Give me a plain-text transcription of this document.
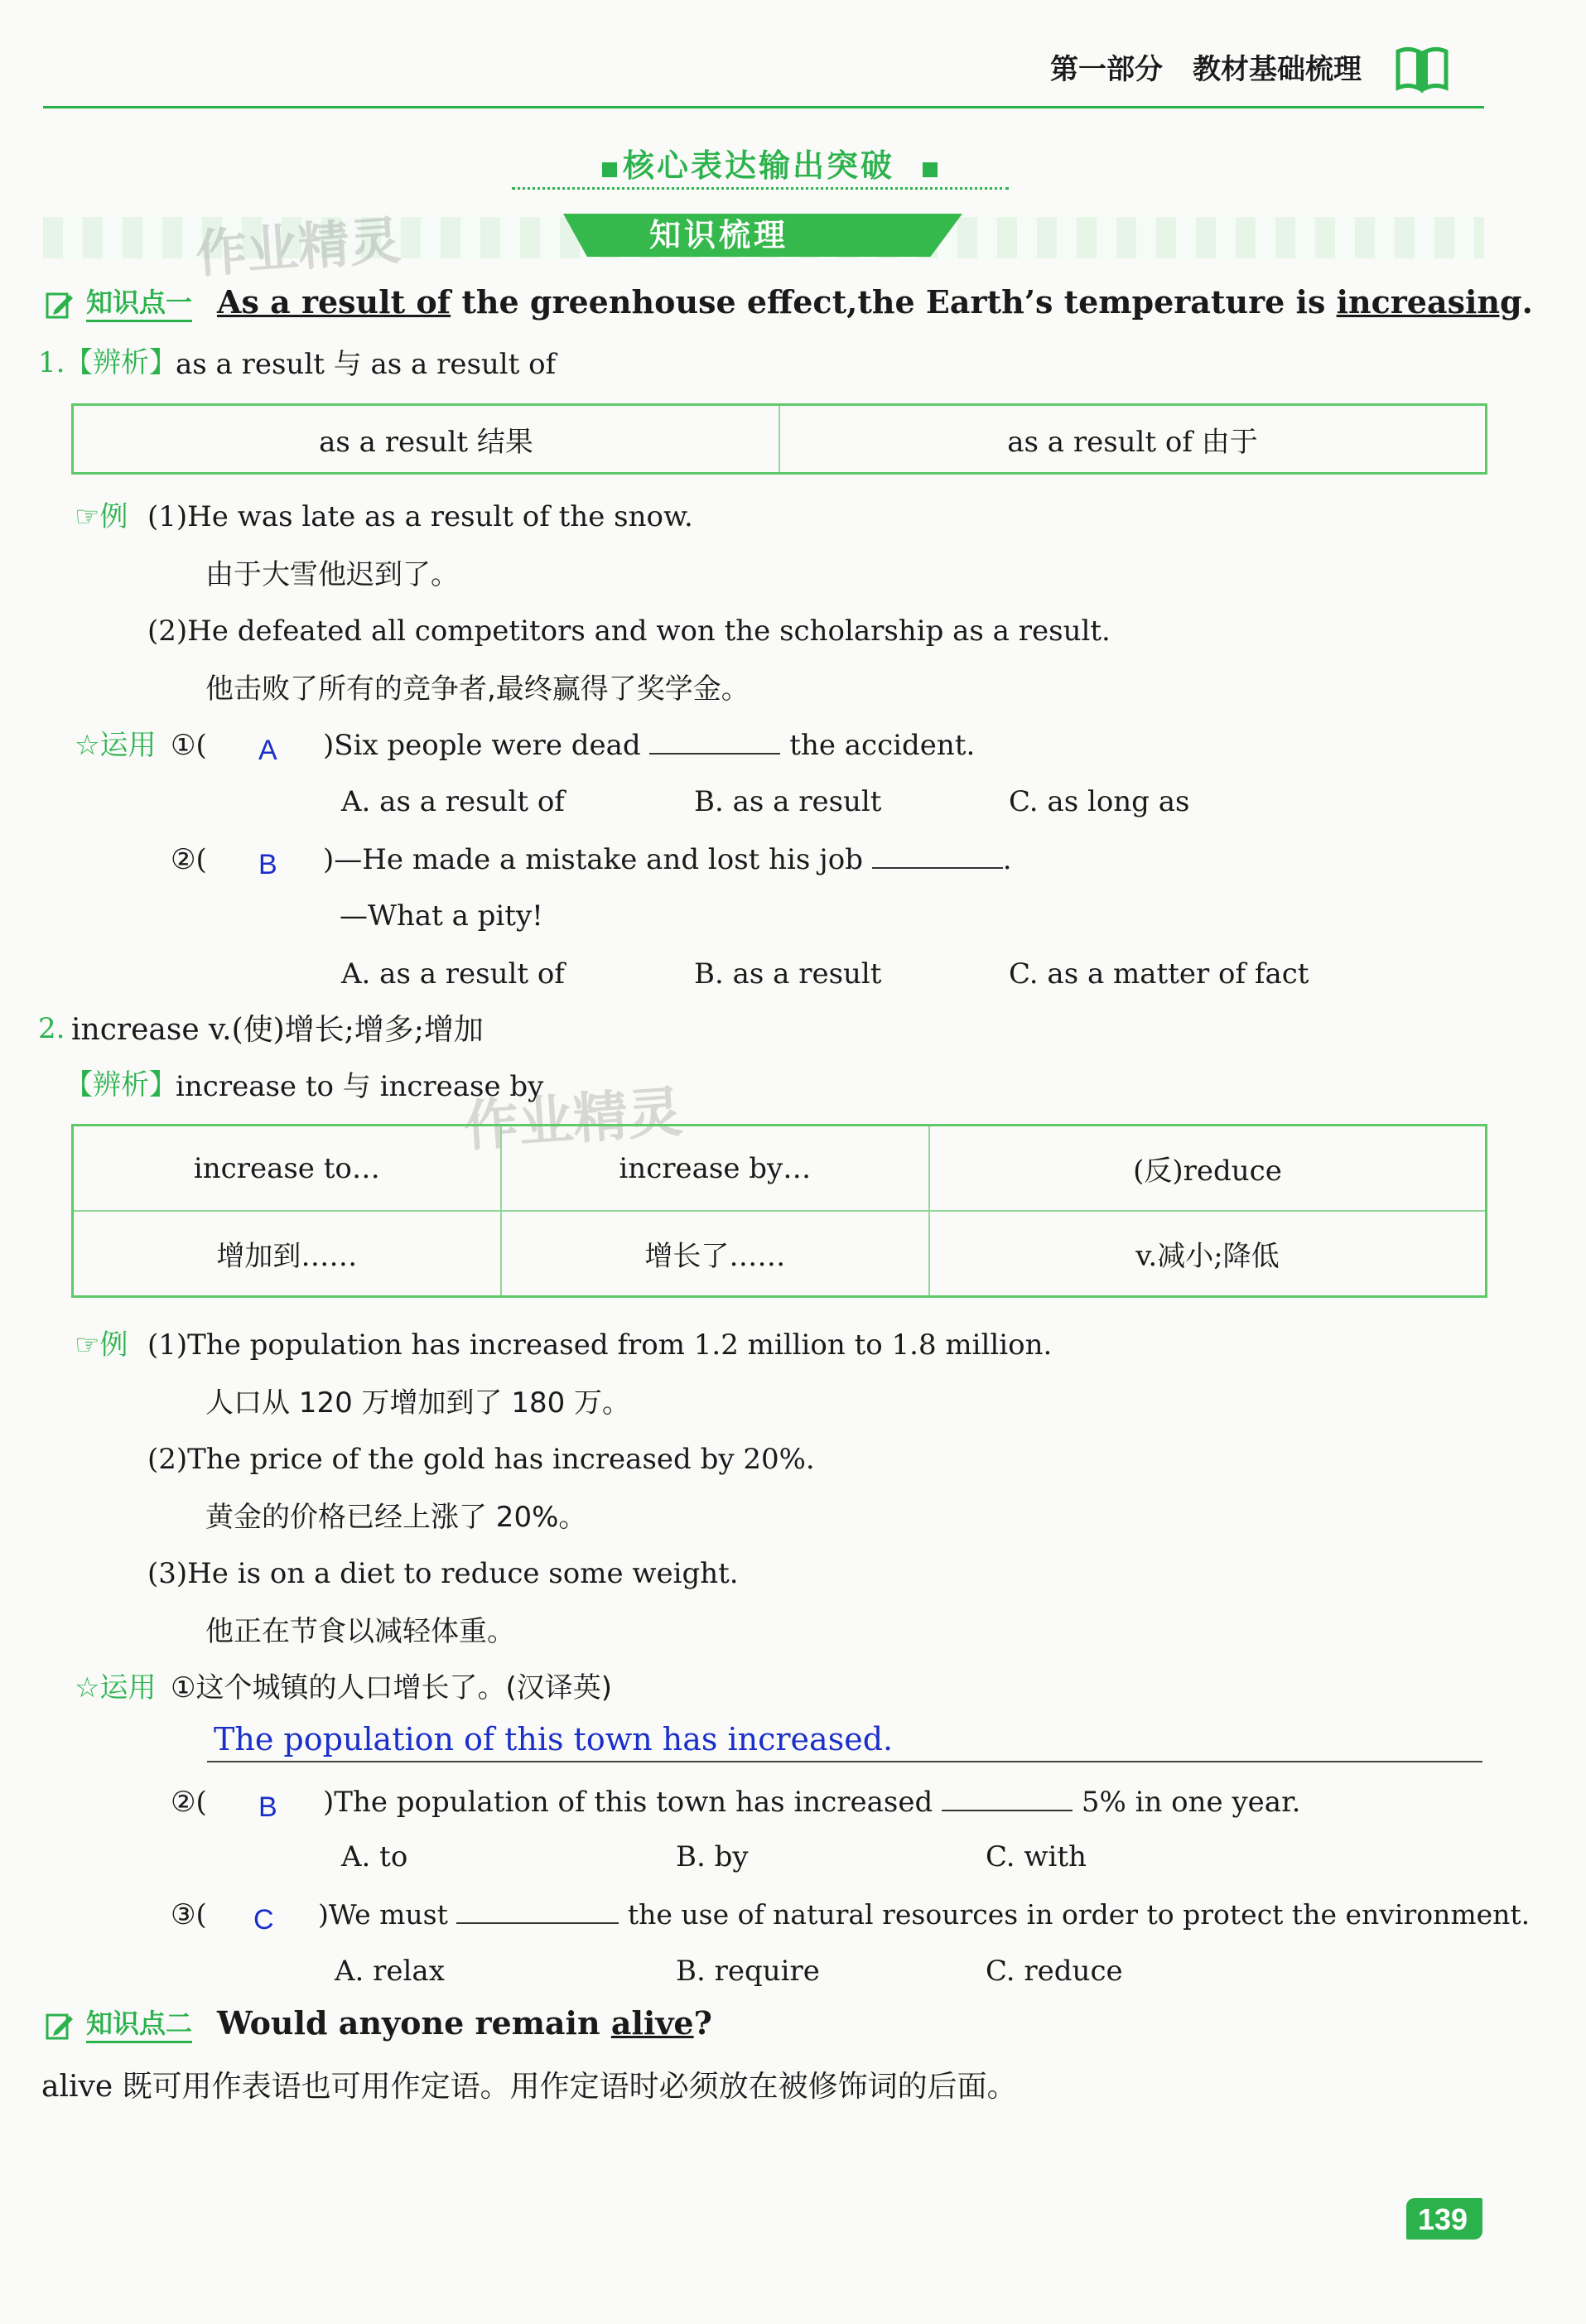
第一部分 教材基础梳理
核心表达输出突破
知识梳理
作业精灵
作业精灵
知识点一 As a result of the greenhouse effect,the Earth’s temperature is increasing.
1. 【辨析】
as a result 与 as a result of
as a result 结果	as a result of 由于
☞例 (1)He was late as a result of the snow.
由于大雪他迟到了。
(2)He defeated all competitors and won the scholarship as a result.
他击败了所有的竞争者,最终赢得了奖学金。
☆运用 ①( A )Six people were dead	the accident.
A. as a result of	B. as a result	C. as long as
②( B )—He made a mistake and lost his job	.
—What a pity!
A. as a result of	B. as a result	C. as a matter of fact
2. increase v.(使)增长;增多;增加
【辨析】
increase to 与 increase by
increase to…	increase by…	(反)reduce
增加到……	增长了……	v.减小;降低
☞例 (1)The population has increased from 1.2 million to 1.8 million.
人口从 120 万增加到了 180 万。
(2)The price of the gold has increased by 20%.
黄金的价格已经上涨了 20%。
(3)He is on a diet to reduce some weight.
他正在节食以减轻体重。
☆运用 ①这个城镇的人口增长了。(汉译英)
The population of this town has increased.
②( B )The population of this town has increased	5% in one year.
A. to	B. by	C. with
③( C )We must	the use of natural resources in order to protect the environment.
A. relax	B. require	C. reduce
知识点二 Would anyone remain alive?
alive 既可用作表语也可用作定语。用作定语时必须放在被修饰词的后面。
139
